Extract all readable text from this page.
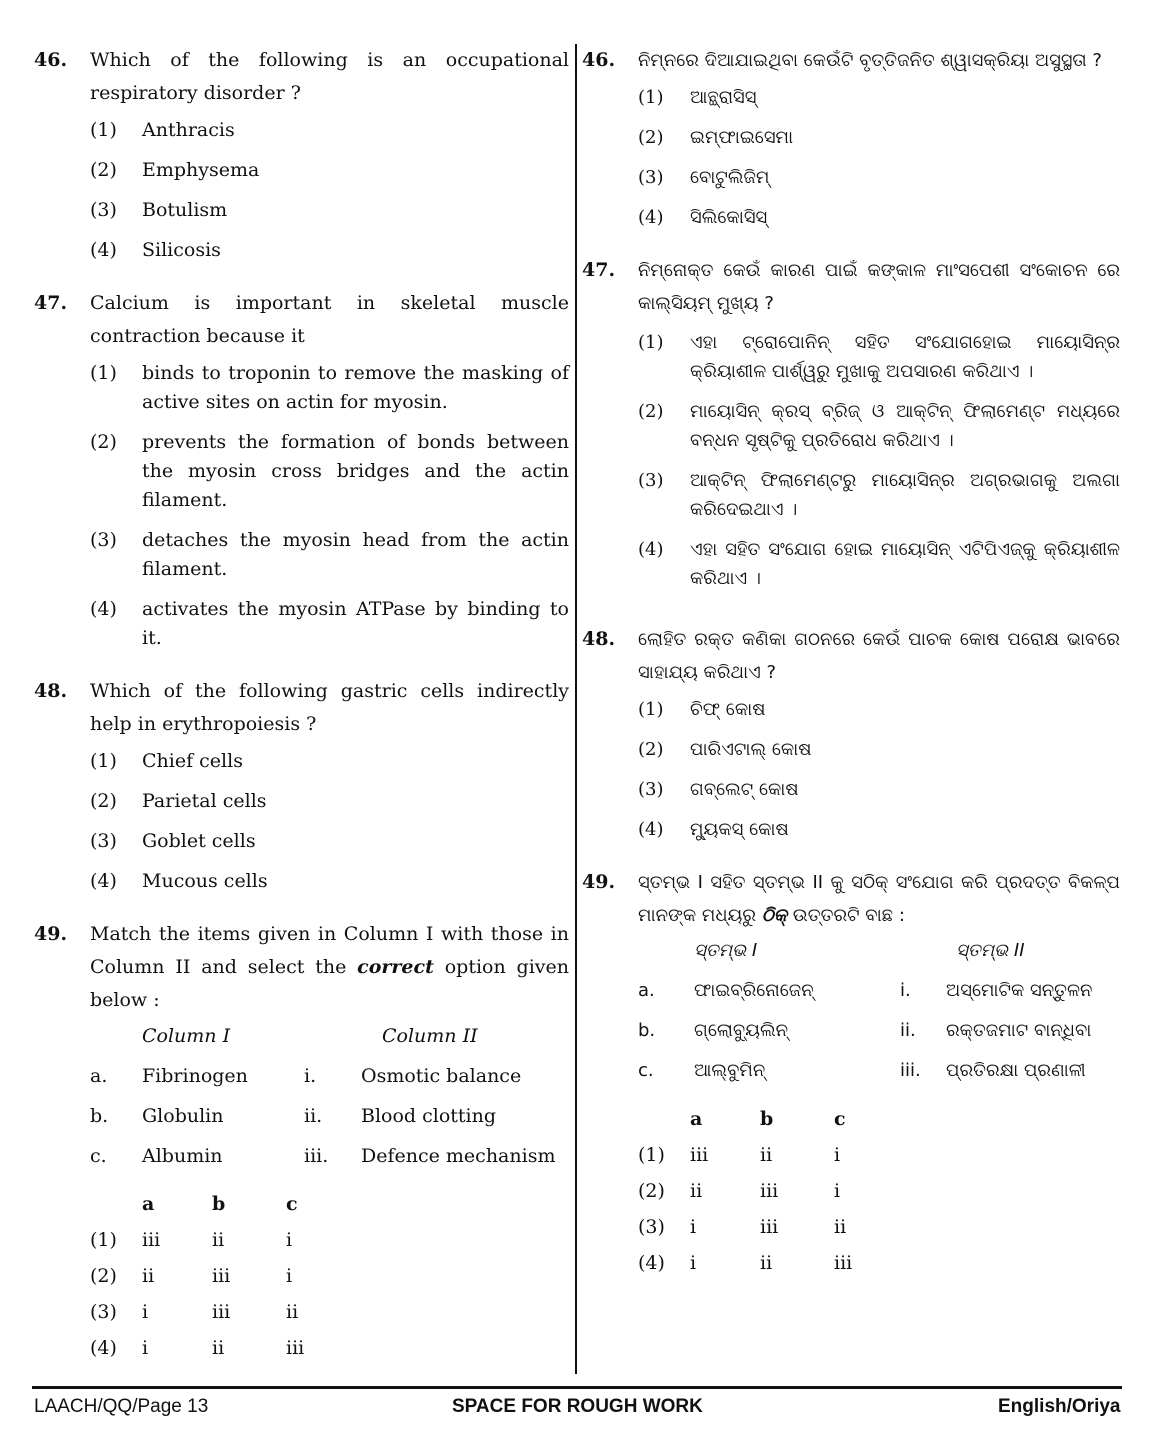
46. Which of the following is an occupational respiratory disorder ?
(1) Anthracis
(2) Emphysema
(3) Botulism
(4) Silicosis
47. Calcium is important in skeletal muscle contraction because it
(1) binds to troponin to remove the masking of active sites on actin for myosin.
(2) prevents the formation of bonds between the myosin cross bridges and the actin filament.
(3) detaches the myosin head from the actin filament.
(4) activates the myosin ATPase by binding to it.
48. Which of the following gastric cells indirectly help in erythropoiesis ?
(1) Chief cells
(2) Parietal cells
(3) Goblet cells
(4) Mucous cells
49. Match the items given in Column I with those in Column II and select the correct option given below :
Column I	Column II
a. Fibrinogen	i. Osmotic balance
b. Globulin	ii. Blood clotting
c. Albumin	iii. Defence mechanism
a	b	c
(1) iii	ii	i
(2) ii	iii	i
(3) i	iii	ii
(4) i	ii	iii
46. ନିମ୍ନରେ ଦିଆଯାଇଥିବା କେଉଁଟି ବୃତ୍ତିଜନିତ ଶ୍ୱାସକ୍ରିୟା ଅସୁସ୍ଥତା ?
(1) ଆନ୍ଥ୍ରାସିସ୍
(2) ଇମ୍ଫାଇସେମା
(3) ବୋଟୁଲିଜିମ୍
(4) ସିଲିକୋସିସ୍
47. ନିମ୍ନୋକ୍ତ କେଉଁ କାରଣ ପାଇଁ କଙ୍କାଳ ମାଂସପେଶୀ ସଂକୋଚନ ରେ କାଲ୍‌ସିୟମ୍ ମୁଖ୍ୟ ?
(1) ଏହା ଟ୍ରୋପୋନିନ୍ ସହିତ ସଂଯୋଗହୋଇ ମାୟୋସିନ୍‌ର କ୍ରିୟାଶୀଳ ପାର୍ଶ୍ୱରୁ ମୁଖାକୁ ଅପସାରଣ କରିଥାଏ ।
(2) ମାୟୋସିନ୍ କ୍ରସ୍ ବ୍ରିଜ୍ ଓ ଆକ୍ଟିନ୍ ଫିଲାମେଣ୍ଟ ମଧ୍ୟରେ ବନ୍ଧନ ସୃଷ୍ଟିକୁ ପ୍ରତିରୋଧ କରିଥାଏ ।
(3) ଆକ୍ଟିନ୍ ଫିଲାମେଣ୍ଟରୁ ମାୟୋସିନ୍‌ର ଅଗ୍ରଭାଗକୁ ଅଲଗା କରିଦେଇଥାଏ ।
(4) ଏହା ସହିତ ସଂଯୋଗ ହୋଇ ମାୟୋସିନ୍ ଏଟିପିଏଜ୍‌କୁ କ୍ରିୟାଶୀଳ କରିଥାଏ ।
48. ଲୋହିତ ରକ୍ତ କଣିକା ଗଠନରେ କେଉଁ ପାଚକ କୋଷ ପରୋକ୍ଷ ଭାବରେ ସାହାଯ୍ୟ କରିଥାଏ ?
(1) ଚିଫ୍ କୋଷ
(2) ପାରିଏଟାଲ୍ କୋଷ
(3) ଗବ୍‌ଲେଟ୍ କୋଷ
(4) ମ୍ୟୁକସ୍ କୋଷ
49. ସ୍ତମ୍ଭ I ସହିତ ସ୍ତମ୍ଭ II କୁ ସଠିକ୍ ସଂଯୋଗ କରି ପ୍ରଦତ୍ତ ବିକଳ୍ପ ମାନଙ୍କ ମଧ୍ୟରୁ ଠିକ୍ ଉତ୍ତରଟି ବାଛ :
ସ୍ତମ୍ଭ I	ସ୍ତମ୍ଭ II
a. ଫାଇବ୍ରିନୋଜେନ୍	i. ଅସ୍ମୋଟିକ ସନ୍ତୁଳନ
b. ଗ୍ଲୋବ୍ୟୁଲିନ୍	ii. ରକ୍ତଜମାଟ ବାନ୍ଧିବା
c. ଆଲ୍‌ବୁମିନ୍	iii. ପ୍ରତିରକ୍ଷା ପ୍ରଣାଳୀ
a	b	c
(1) iii	ii	i
(2) ii	iii	i
(3) i	iii	ii
(4) i	ii	iii
LAACH/QQ/Page 13	SPACE FOR ROUGH WORK	English/Oriya
